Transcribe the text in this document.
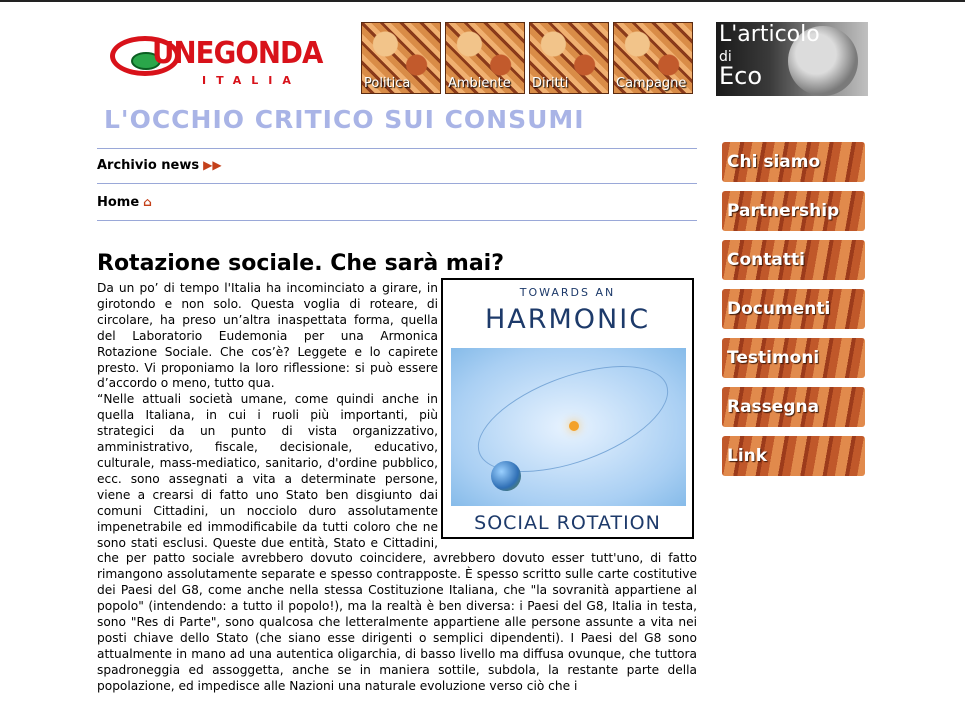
UNEGONDA
ITALIA	Politica	Ambiente Diritti	Campagne
L'articolo
di
Eco
L'OCCHIO CRITICO SUI CONSUMI
Archivio news ▶▶
Home ⌂
Rotazione sociale. Che sarà mai?

Da un po’ di tempo l'Italia ha incominciato a girare, in girotondo e non solo. Questa voglia di roteare, di circolare, ha preso un’altra inaspettata forma, quella del Laboratorio Eudemonia per una Armonica Rotazione Sociale. Che cos’è? Leggete e lo capirete presto. Vi proponiamo la loro riflessione: si può essere d’accordo o meno, tutto qua.

“Nelle attuali società umane, come quindi anche in quella Italiana, in cui i ruoli più importanti, più strategici da un punto di vista organizzativo, amministrativo, fiscale, decisionale, educativo, culturale, mass-mediatico, sanitario, d'ordine pubblico, ecc. sono assegnati a vita a determinate persone, viene a crearsi di fatto uno Stato ben disgiunto dai comuni Cittadini, un nocciolo duro assolutamente impenetrabile ed immodificabile da tutti coloro che ne sono stati esclusi. Queste due entità, Stato e Cittadini, che per patto sociale avrebbero dovuto coincidere, avrebbero dovuto esser tutt'uno, di fatto rimangono assolutamente separate e spesso contrapposte. È spesso scritto sulle carte costitutive dei Paesi del G8, come anche nella stessa Costituzione Italiana, che "la sovranità appartiene al popolo" (intendendo: a tutto il popolo!), ma la realtà è ben diversa: i Paesi del G8, Italia in testa, sono "Res di Parte", sono qualcosa che letteralmente appartiene alle persone assunte a vita nei posti chiave dello Stato (che siano esse dirigenti o semplici dipendenti). I Paesi del G8 sono attualmente in mano ad una autentica oligarchia, di basso livello ma diffusa ovunque, che tuttora spadroneggia ed assoggetta, anche se in maniera sottile, subdola, la restante parte della popolazione, ed impedisce alle Nazioni una naturale evoluzione verso ciò che i

TOWARDS AN
HARMONIC
SOCIAL ROTATION
Chi siamo
Partnership
Contatti
Documenti
Testimoni
Rassegna
Link
